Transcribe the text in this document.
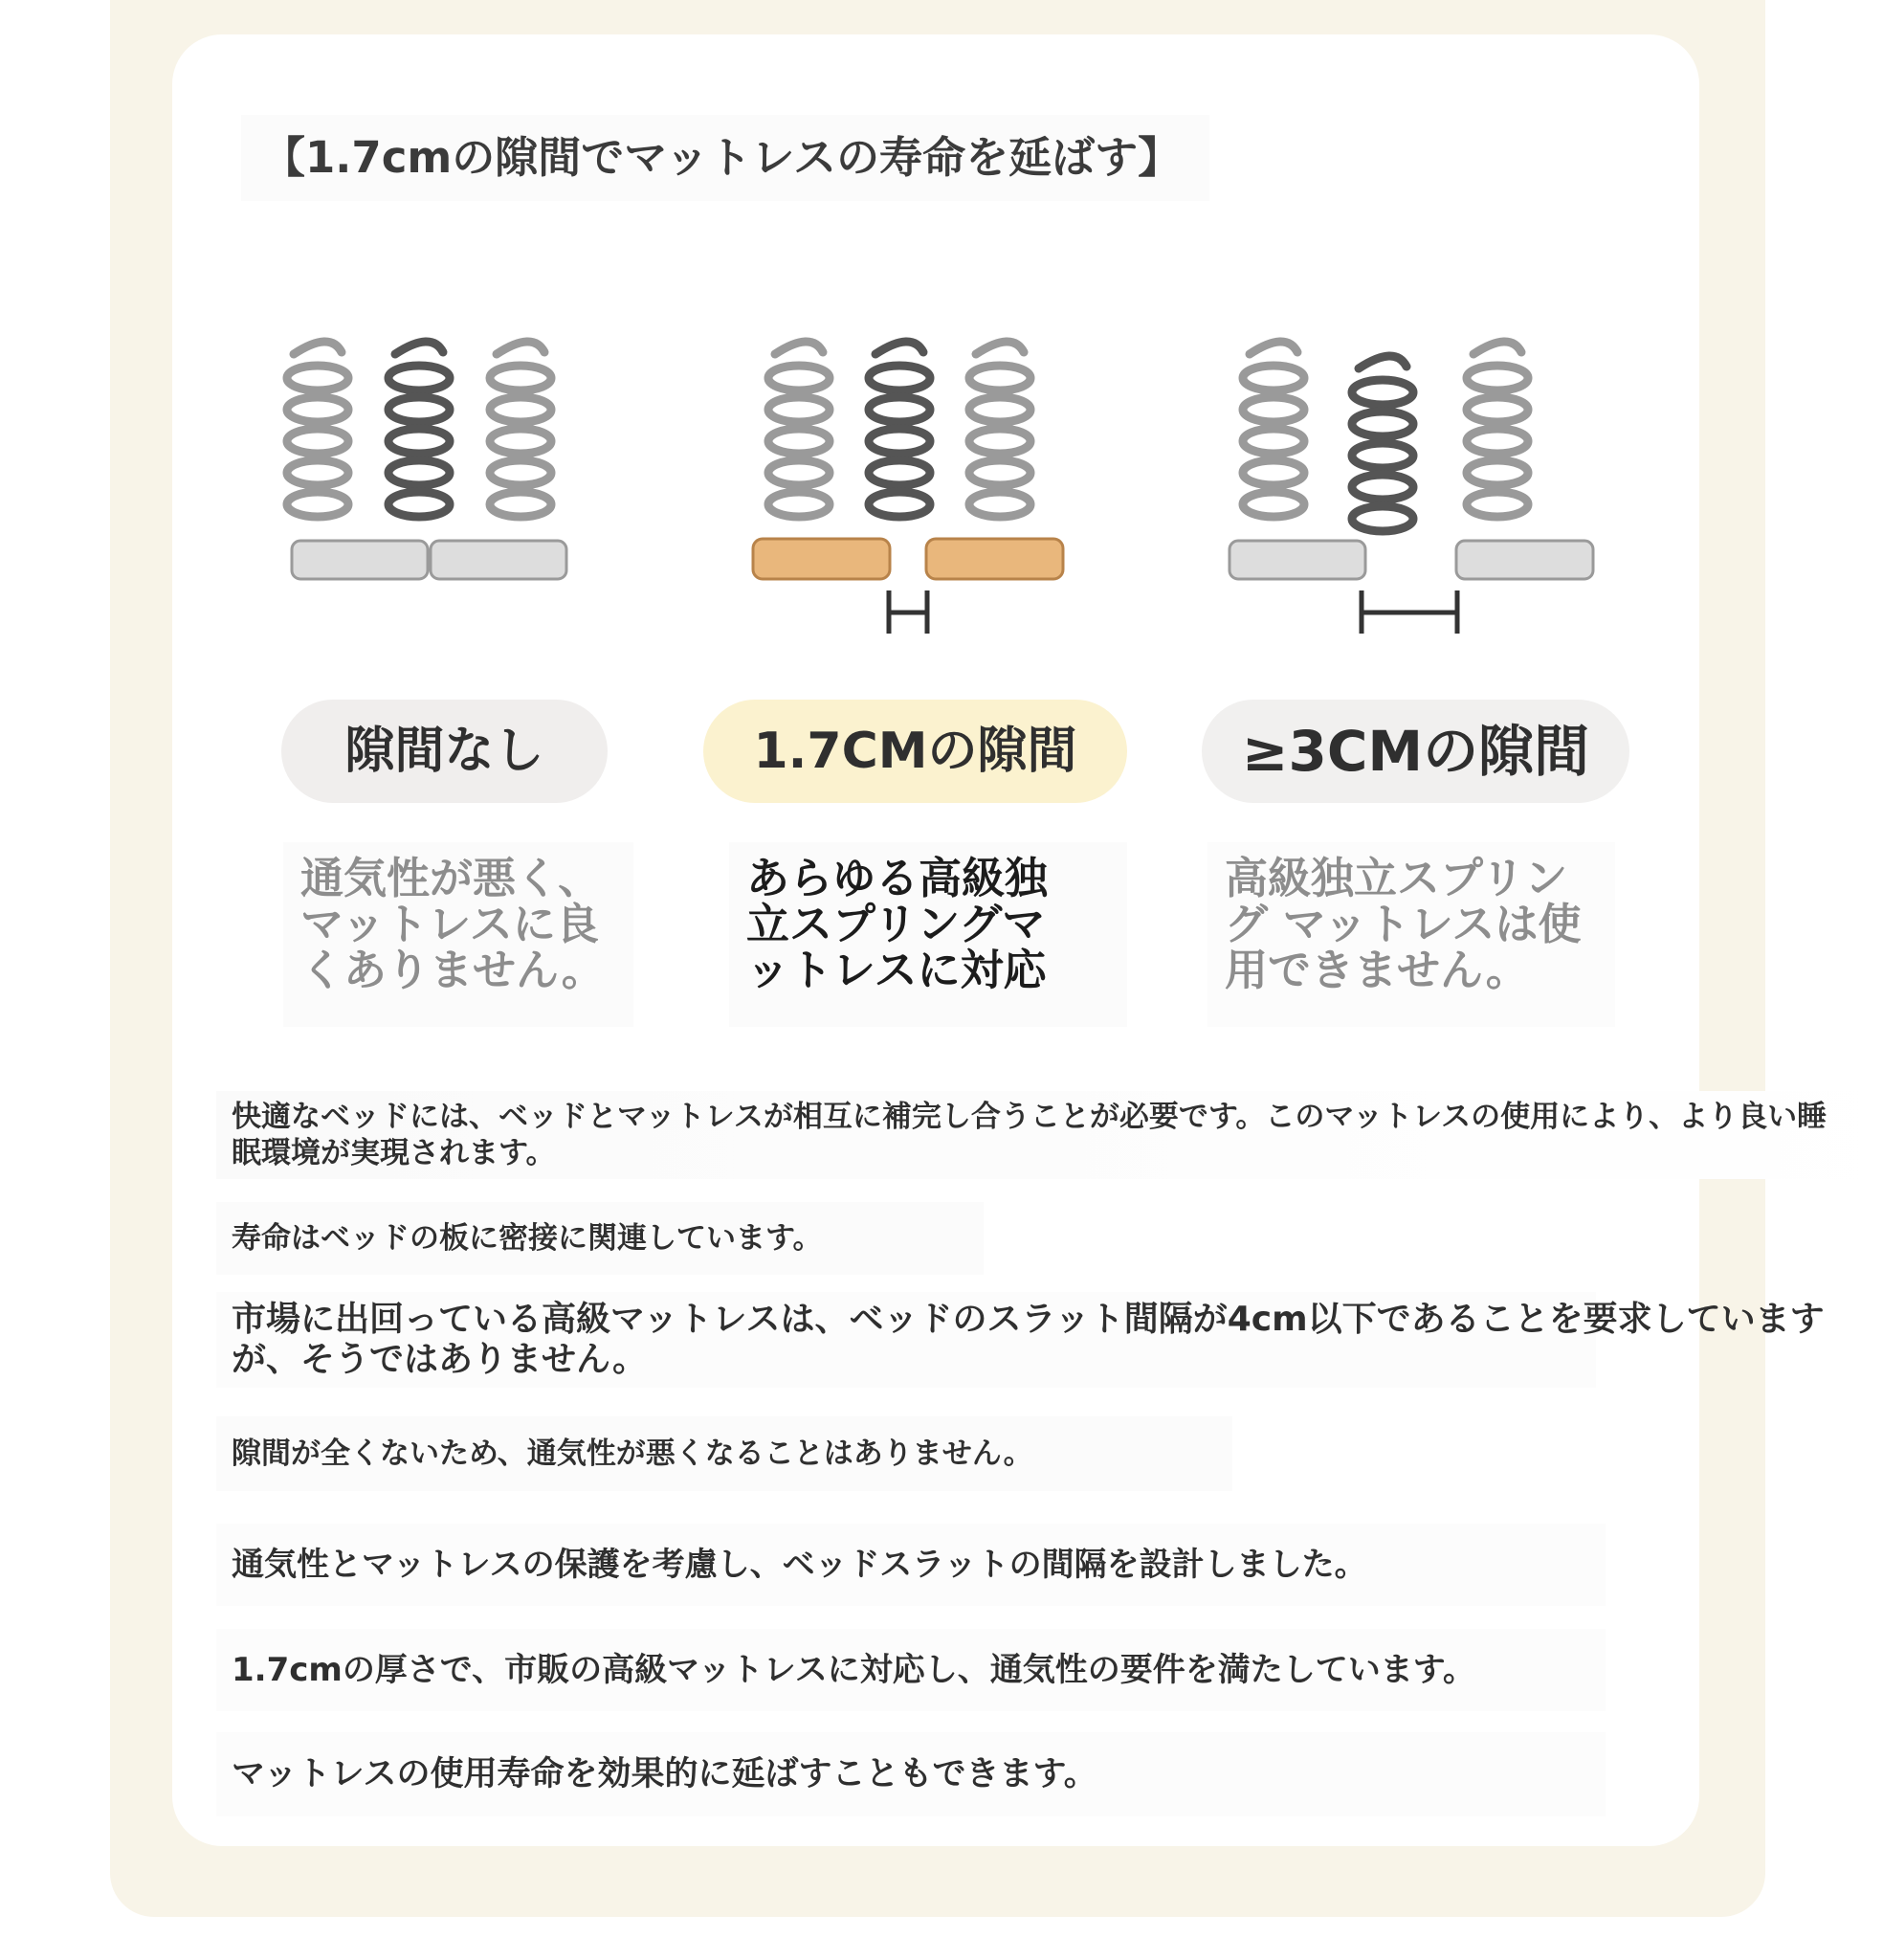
【1.7cmの隙間でマットレスの寿命を延ばす】
隙間なし	1.7CMの隙間	≥3CMの隙間
通気性が悪く、
マットレスに良
くありません。
あらゆる高級独
立スプリングマ
ットレスに対応
高級独立スプリン
グ マットレスは使
用できません。
快適なベッドには、ベッドとマットレスが相互に補完し合うことが必要です。このマットレスの使用により、より良い睡
眠環境が実現されます。
寿命はベッドの板に密接に関連しています。
市場に出回っている高級マットレスは、ベッドのスラット間隔が4cm以下であることを要求しています
が、そうではありません。
隙間が全くないため、通気性が悪くなることはありません。
通気性とマットレスの保護を考慮し、ベッドスラットの間隔を設計しました。
1.7cmの厚さで、市販の高級マットレスに対応し、通気性の要件を満たしています。
マットレスの使用寿命を効果的に延ばすこともできます。
